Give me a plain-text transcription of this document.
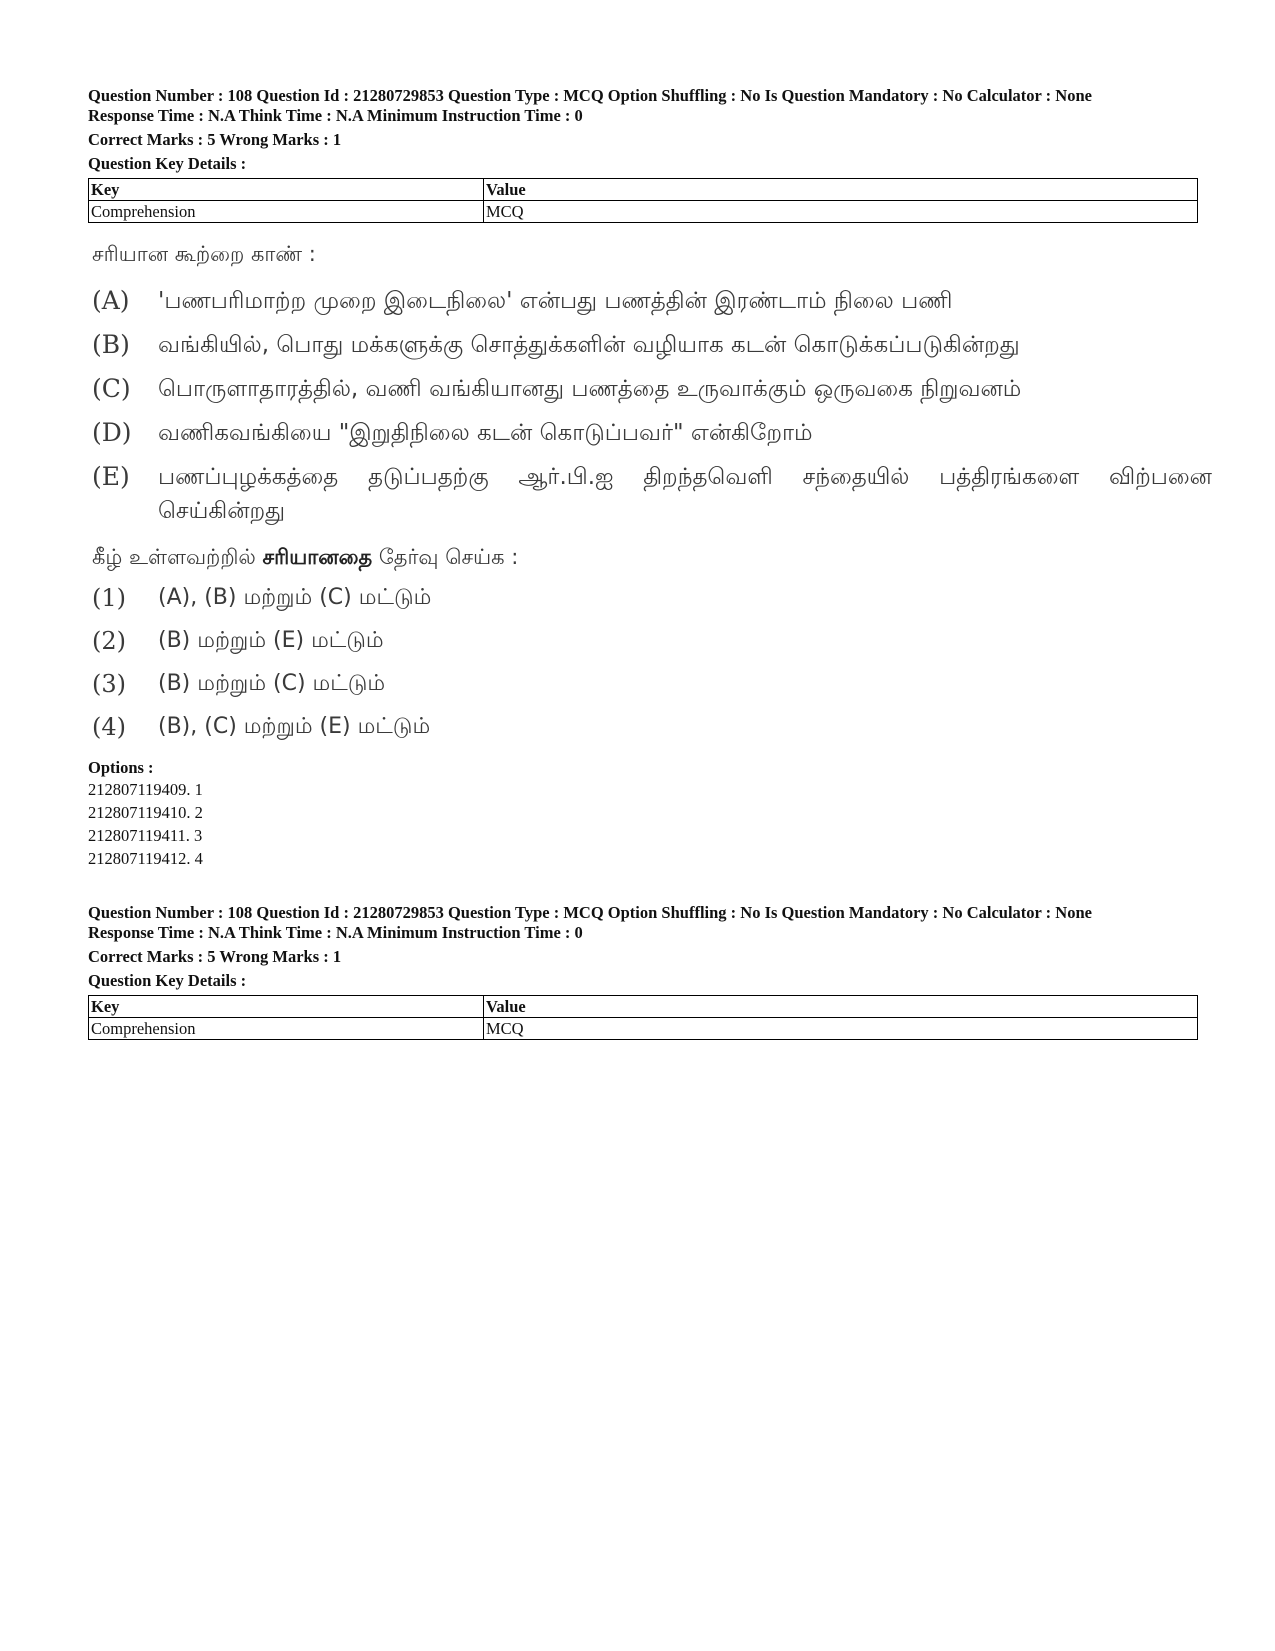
Question Number : 108 Question Id : 21280729853 Question Type : MCQ Option Shuffling : No Is Question Mandatory : No Calculator : None
Response Time : N.A Think Time : N.A Minimum Instruction Time : 0
Correct Marks : 5 Wrong Marks : 1
Question Key Details :
Key	Value
Comprehension	MCQ
சரியான கூற்றை காண் :
(A)	'பணபரிமாற்ற முறை இடைநிலை' என்பது பணத்தின் இரண்டாம் நிலை பணி
(B)	வங்கியில், பொது மக்களுக்கு சொத்துக்களின் வழியாக கடன் கொடுக்கப்படுகின்றது
(C)	பொருளாதாரத்தில், வணி வங்கியானது பணத்தை உருவாக்கும் ஒருவகை நிறுவனம்
(D)	வணிகவங்கியை "இறுதிநிலை கடன் கொடுப்பவர்" என்கிறோம்
(E)	பணப்புழக்கத்தை தடுப்பதற்கு ஆர்.பி.ஐ திறந்தவெளி சந்தையில் பத்திரங்களை விற்பனை செய்கின்றது
கீழ் உள்ளவற்றில் சரியானதை தேர்வு செய்க :
(1)	(A), (B) மற்றும் (C) மட்டும்
(2)	(B) மற்றும் (E) மட்டும்
(3)	(B) மற்றும் (C) மட்டும்
(4)	(B), (C) மற்றும் (E) மட்டும்
Options :
212807119409. 1
212807119410. 2
212807119411. 3
212807119412. 4
Question Number : 108 Question Id : 21280729853 Question Type : MCQ Option Shuffling : No Is Question Mandatory : No Calculator : None
Response Time : N.A Think Time : N.A Minimum Instruction Time : 0
Correct Marks : 5 Wrong Marks : 1
Question Key Details :
Key	Value
Comprehension	MCQ
